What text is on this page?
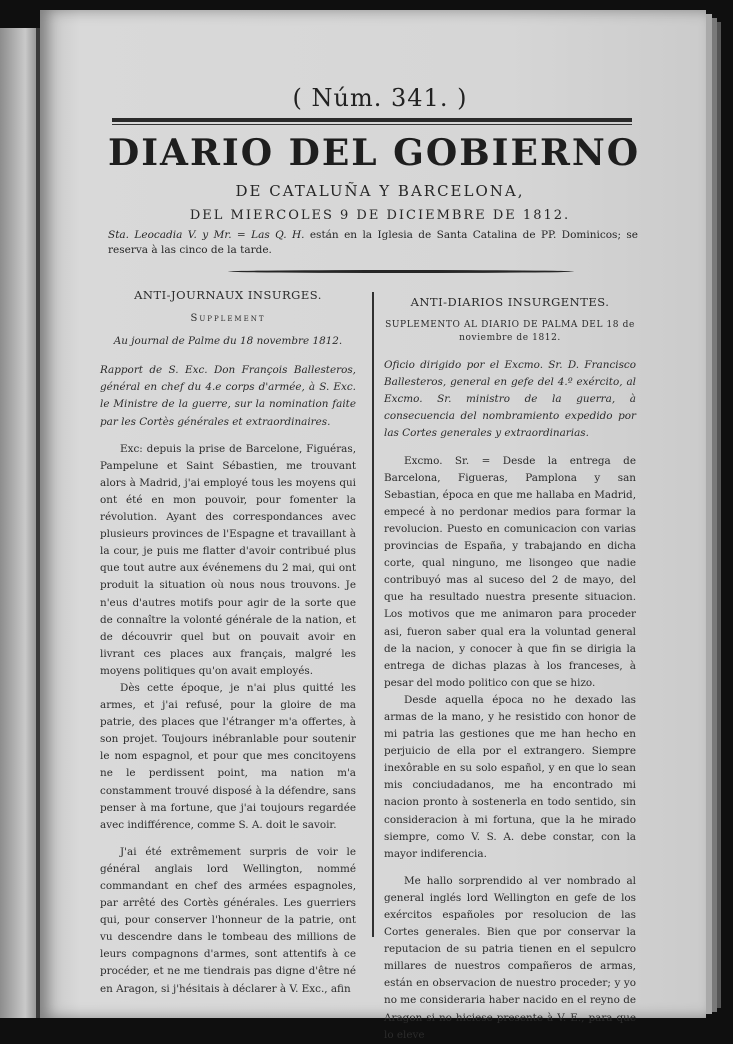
( Núm. 341. )
DIARIO DEL GOBIERNO
DE CATALUÑA Y BARCELONA,
DEL MIERCOLES 9 DE DICIEMBRE DE 1812.
Sta. Leocadia V. y Mr. = Las Q. H. están en la Iglesia de Santa Catalina de PP. Dominicos; se reserva à las cinco de la tarde.
ANTI-JOURNAUX INSURGES.
Supplement
Au journal de Palme du 18 novembre 1812.
Rapport de S. Exc. Don François Ballesteros, général en chef du 4.e corps d'armée, à S. Exc. le Ministre de la guerre, sur la nomination faite par les Cortès générales et extraordinaires.

Exc: depuis la prise de Barcelone, Figuéras, Pampelune et Saint Sébastien, me trouvant alors à Madrid, j'ai employé tous les moyens qui ont été en mon pouvoir, pour fomenter la révolution. Ayant des correspondances avec plusieurs provinces de l'Espagne et travaillant à la cour, je puis me flatter d'avoir contribué plus que tout autre aux événemens du 2 mai, qui ont produit la situation où nous nous trouvons. Je n'eus d'autres motifs pour agir de la sorte que de connaître la volonté générale de la nation, et de découvrir quel but on pouvait avoir en livrant ces places aux français, malgré les moyens politiques qu'on avait employés.

Dès cette époque, je n'ai plus quitté les armes, et j'ai refusé, pour la gloire de ma patrie, des places que l'étranger m'a offertes, à son projet. Toujours inébranlable pour soutenir le nom espagnol, et pour que mes concitoyens ne le perdissent point, ma nation m'a constamment trouvé disposé à la défendre, sans penser à ma fortune, que j'ai toujours regardée avec indifférence, comme S. A. doit le savoir.

J'ai été extrêmement surpris de voir le général anglais lord Wellington, nommé commandant en chef des armées espagnoles, par arrêté des Cortès générales. Les guerriers qui, pour conserver l'honneur de la patrie, ont vu descendre dans le tombeau des millions de leurs compagnons d'armes, sont attentifs à ce procéder, et ne me tiendrais pas digne d'être né en Aragon, si j'hésitais à déclarer à V. Exc., afin

ANTI-DIARIOS INSURGENTES.
SUPLEMENTO AL DIARIO DE PALMA DEL 18 de noviembre de 1812.
Oficio dirigido por el Excmo. Sr. D. Francisco Ballesteros, general en gefe del 4.º exército, al Excmo. Sr. ministro de la guerra, à consecuencia del nombramiento expedido por las Cortes generales y extraordinarias.

Excmo. Sr. = Desde la entrega de Barcelona, Figueras, Pamplona y san Sebastian, época en que me hallaba en Madrid, empecé à no perdonar medios para formar la revolucion. Puesto en comunicacion con varias provincias de España, y trabajando en dicha corte, qual ninguno, me lisongeo que nadie contribuyó mas al suceso del 2 de mayo, del que ha resultado nuestra presente situacion. Los motivos que me animaron para proceder asi, fueron saber qual era la voluntad general de la nacion, y conocer à que fin se dirigia la entrega de dichas plazas à los franceses, à pesar del modo politico con que se hizo.

Desde aquella época no he dexado las armas de la mano, y he resistido con honor de mi patria las gestiones que me han hecho en perjuicio de ella por el extrangero. Siempre inexôrable en su solo español, y en que lo sean mis conciudadanos, me ha encontrado mi nacion pronto à sostenerla en todo sentido, sin consideracion à mi fortuna, que la he mirado siempre, como V. S. A. debe constar, con la mayor indiferencia.

Me hallo sorprendido al ver nombrado al general inglés lord Wellington en gefe de los exércitos españoles por resolucion de las Cortes generales. Bien que por conservar la reputacion de su patria tienen en el sepulcro millares de nuestros compañeros de armas, están en observacion de nuestro proceder; y yo no me consideraria haber nacido en el reyno de Aragon si no hiciese presente à V. E., para que lo eleve
